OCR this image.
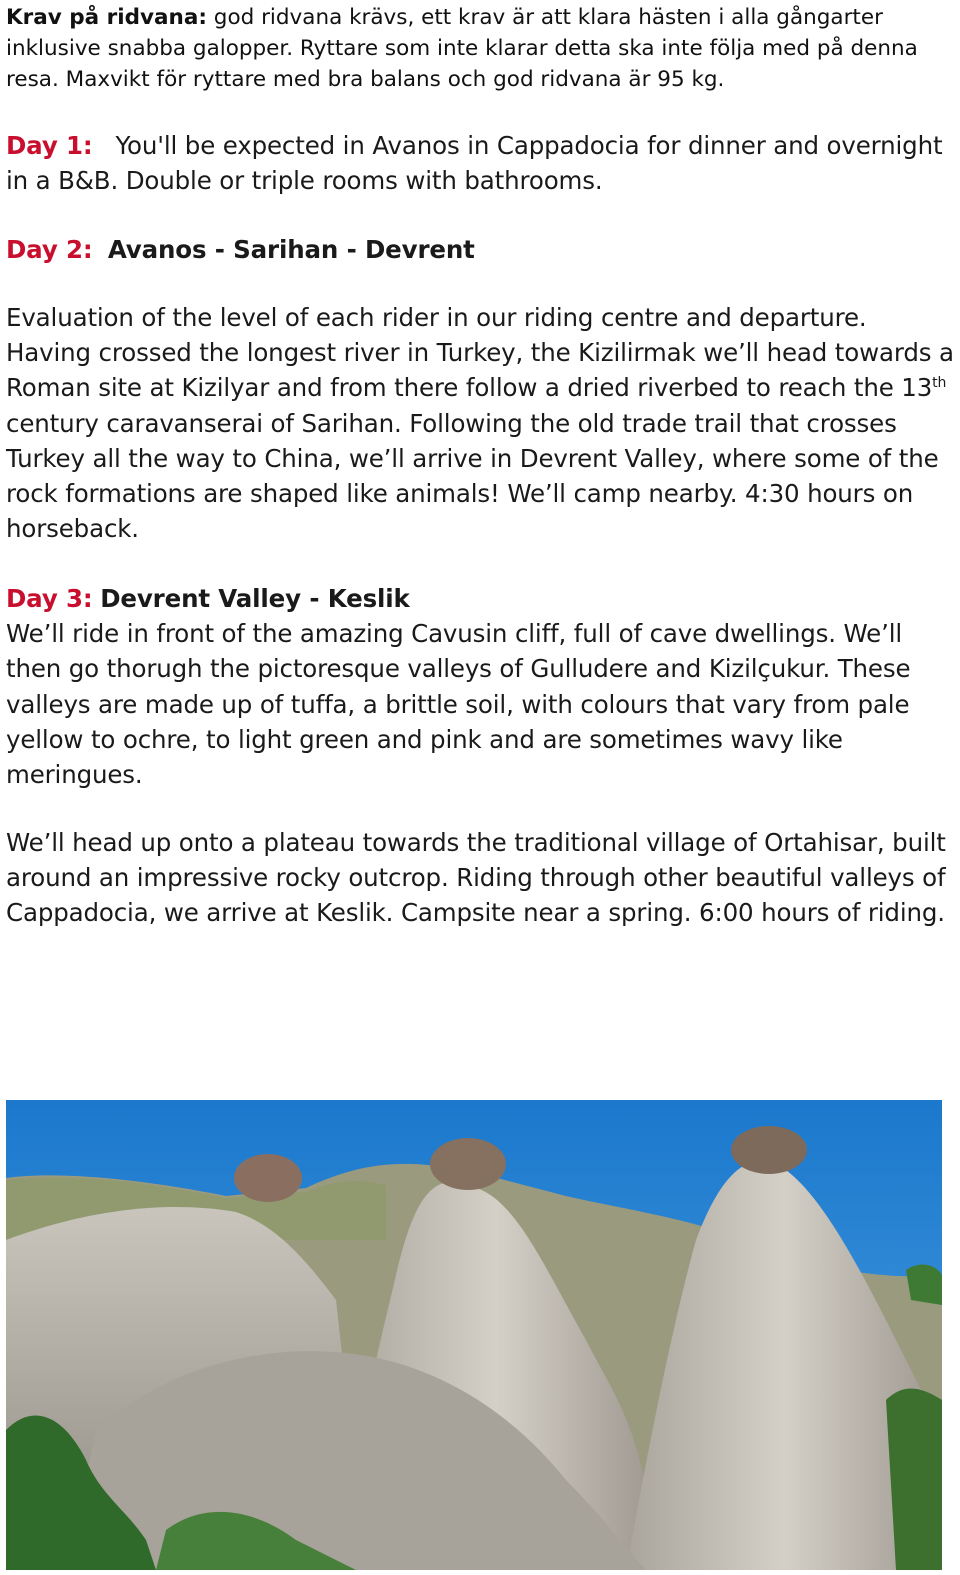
Krav på ridvana: god ridvana krävs, ett krav är att klara hästen i alla gångarter inklusive snabba galopper. Ryttare som inte klarar detta ska inte följa med på denna resa. Maxvikt för ryttare med bra balans och god ridvana är 95 kg.

Day 1: You'll be expected in Avanos in Cappadocia for dinner and overnight in a B&B. Double or triple rooms with bathrooms.

Day 2: Avanos - Sarihan - Devrent

Evaluation of the level of each rider in our riding centre and departure. Having crossed the longest river in Turkey, the Kizilirmak we’ll head towards a Roman site at Kizilyar and from there follow a dried riverbed to reach the 13th century caravanserai of Sarihan. Following the old trade trail that crosses Turkey all the way to China, we’ll arrive in Devrent Valley, where some of the rock formations are shaped like animals! We’ll camp nearby. 4:30 hours on horseback.

Day 3: Devrent Valley - Keslik

We’ll ride in front of the amazing Cavusin cliff, full of cave dwellings. We’ll then go thorugh the pictoresque valleys of Gulludere and Kizilçukur. These valleys are made up of tuffa, a brittle soil, with colours that vary from pale yellow to ochre, to light green and pink and are sometimes wavy like meringues.

We’ll head up onto a plateau towards the traditional village of Ortahisar, built around an impressive rocky outcrop. Riding through other beautiful valleys of Cappadocia, we arrive at Keslik. Campsite near a spring. 6:00 hours of riding.
